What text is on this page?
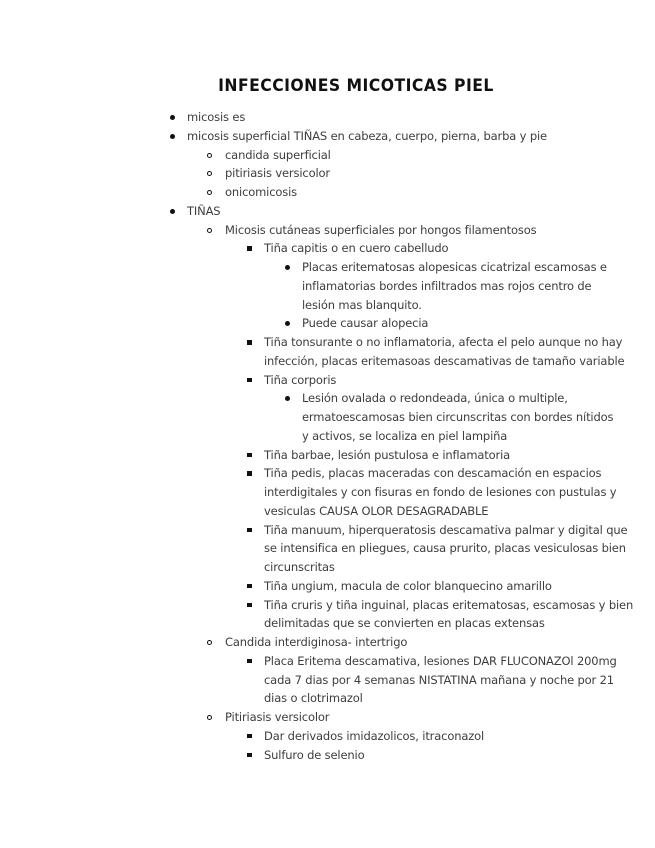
INFECCIONES MICOTICAS PIEL
micosis es
micosis superficial TIÑAS en cabeza, cuerpo, pierna, barba y pie
candida superficial
pitiriasis versicolor
onicomicosis
TIÑAS
Micosis cutáneas superficiales por hongos filamentosos
Tiña capitis o en cuero cabelludo
Placas eritematosas alopesicas cicatrizal escamosas e
inflamatorias bordes infiltrados mas rojos centro de
lesión mas blanquito.
Puede causar alopecia
Tiña tonsurante o no inflamatoria, afecta el pelo aunque no hay
infección, placas eritemasoas descamativas de tamaño variable
Tiña corporis
Lesión ovalada o redondeada, única o multiple,
ermatoescamosas bien circunscritas con bordes nítidos
y activos, se localiza en piel lampiña
Tiña barbae, lesión pustulosa e inflamatoria
Tiña pedis, placas maceradas con descamación en espacios
interdigitales y con fisuras en fondo de lesiones con pustulas y
vesiculas CAUSA OLOR DESAGRADABLE
Tiña manuum, hiperqueratosis descamativa palmar y digital que
se intensifica en pliegues, causa prurito, placas vesiculosas bien
circunscritas
Tiña ungium, macula de color blanquecino amarillo
Tiña cruris y tiña inguinal, placas eritematosas, escamosas y bien
delimitadas que se convierten en placas extensas
Candida interdiginosa- intertrigo
Placa Eritema descamativa, lesiones DAR FLUCONAZOl 200mg
cada 7 dias por 4 semanas NISTATINA mañana y noche por 21
dias o clotrimazol
Pitiriasis versicolor
Dar derivados imidazolicos, itraconazol
Sulfuro de selenio
